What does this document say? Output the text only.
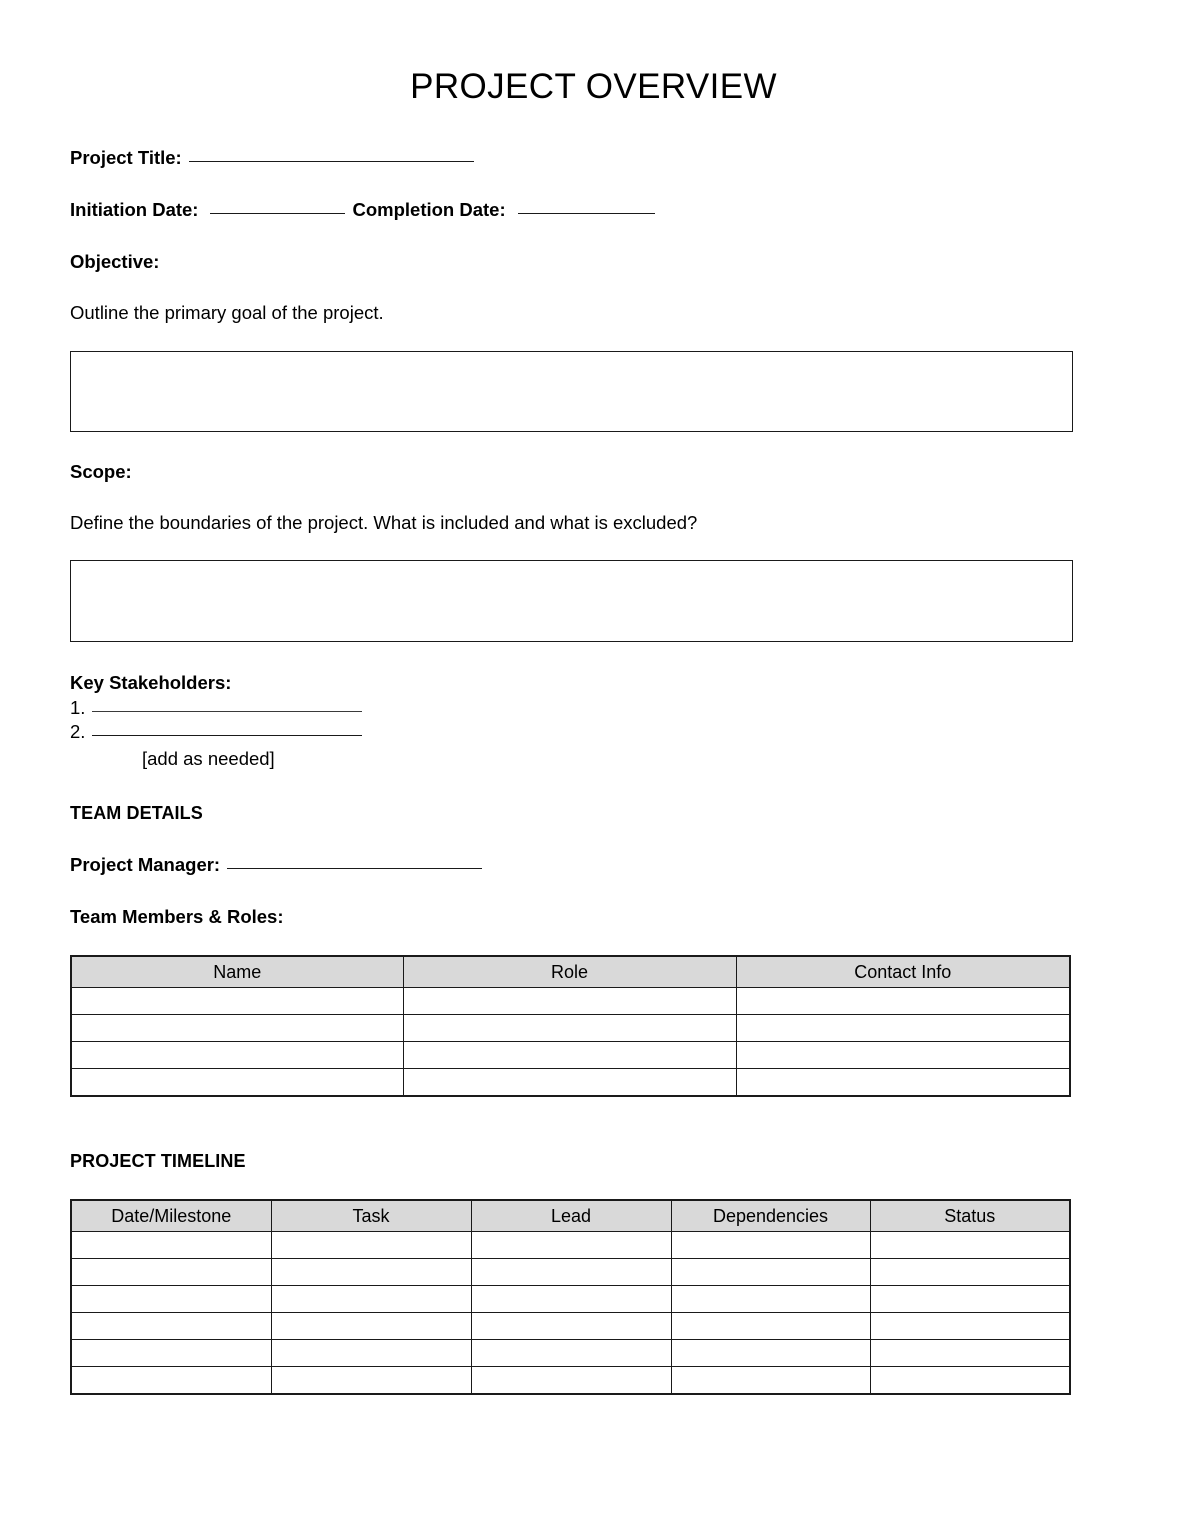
PROJECT OVERVIEW
Project Title:
Initiation Date:	Completion Date:
Objective:
Outline the primary goal of the project.
Scope:
Define the boundaries of the project. What is included and what is excluded?
Key Stakeholders:
1.
2.
[add as needed]
TEAM DETAILS
Project Manager:
Team Members & Roles:
Name	Role	Contact Info

PROJECT TIMELINE
Date/Milestone	Task	Lead	Dependencies	Status
